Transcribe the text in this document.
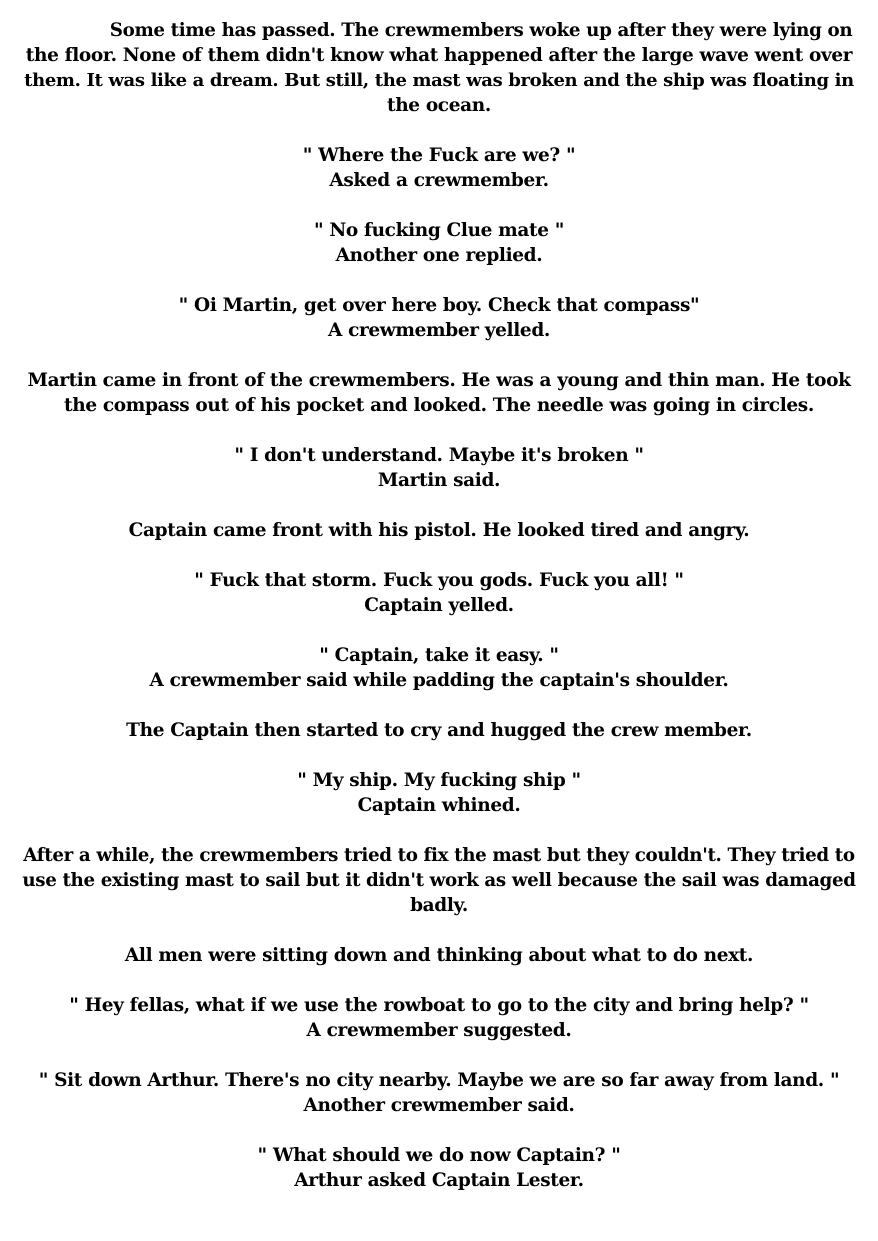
Some time has passed. The crewmembers woke up after they were lying on
the floor. None of them didn't know what happened after the large wave went over
them. It was like a dream. But still, the mast was broken and the ship was floating in
the ocean.

" Where the Fuck are we? "
Asked a crewmember.

" No fucking Clue mate "
Another one replied.

" Oi Martin, get over here boy. Check that compass"
A crewmember yelled.

Martin came in front of the crewmembers. He was a young and thin man. He took
the compass out of his pocket and looked. The needle was going in circles.

" I don't understand. Maybe it's broken "
Martin said.

Captain came front with his pistol. He looked tired and angry.

" Fuck that storm. Fuck you gods. Fuck you all! "
Captain yelled.

" Captain, take it easy. "
A crewmember said while padding the captain's shoulder.

The Captain then started to cry and hugged the crew member.

" My ship. My fucking ship "
Captain whined.

After a while, the crewmembers tried to fix the mast but they couldn't. They tried to
use the existing mast to sail but it didn't work as well because the sail was damaged
badly.

All men were sitting down and thinking about what to do next.

" Hey fellas, what if we use the rowboat to go to the city and bring help? "
A crewmember suggested.

" Sit down Arthur. There's no city nearby. Maybe we are so far away from land. "
Another crewmember said.

" What should we do now Captain? "
Arthur asked Captain Lester.
